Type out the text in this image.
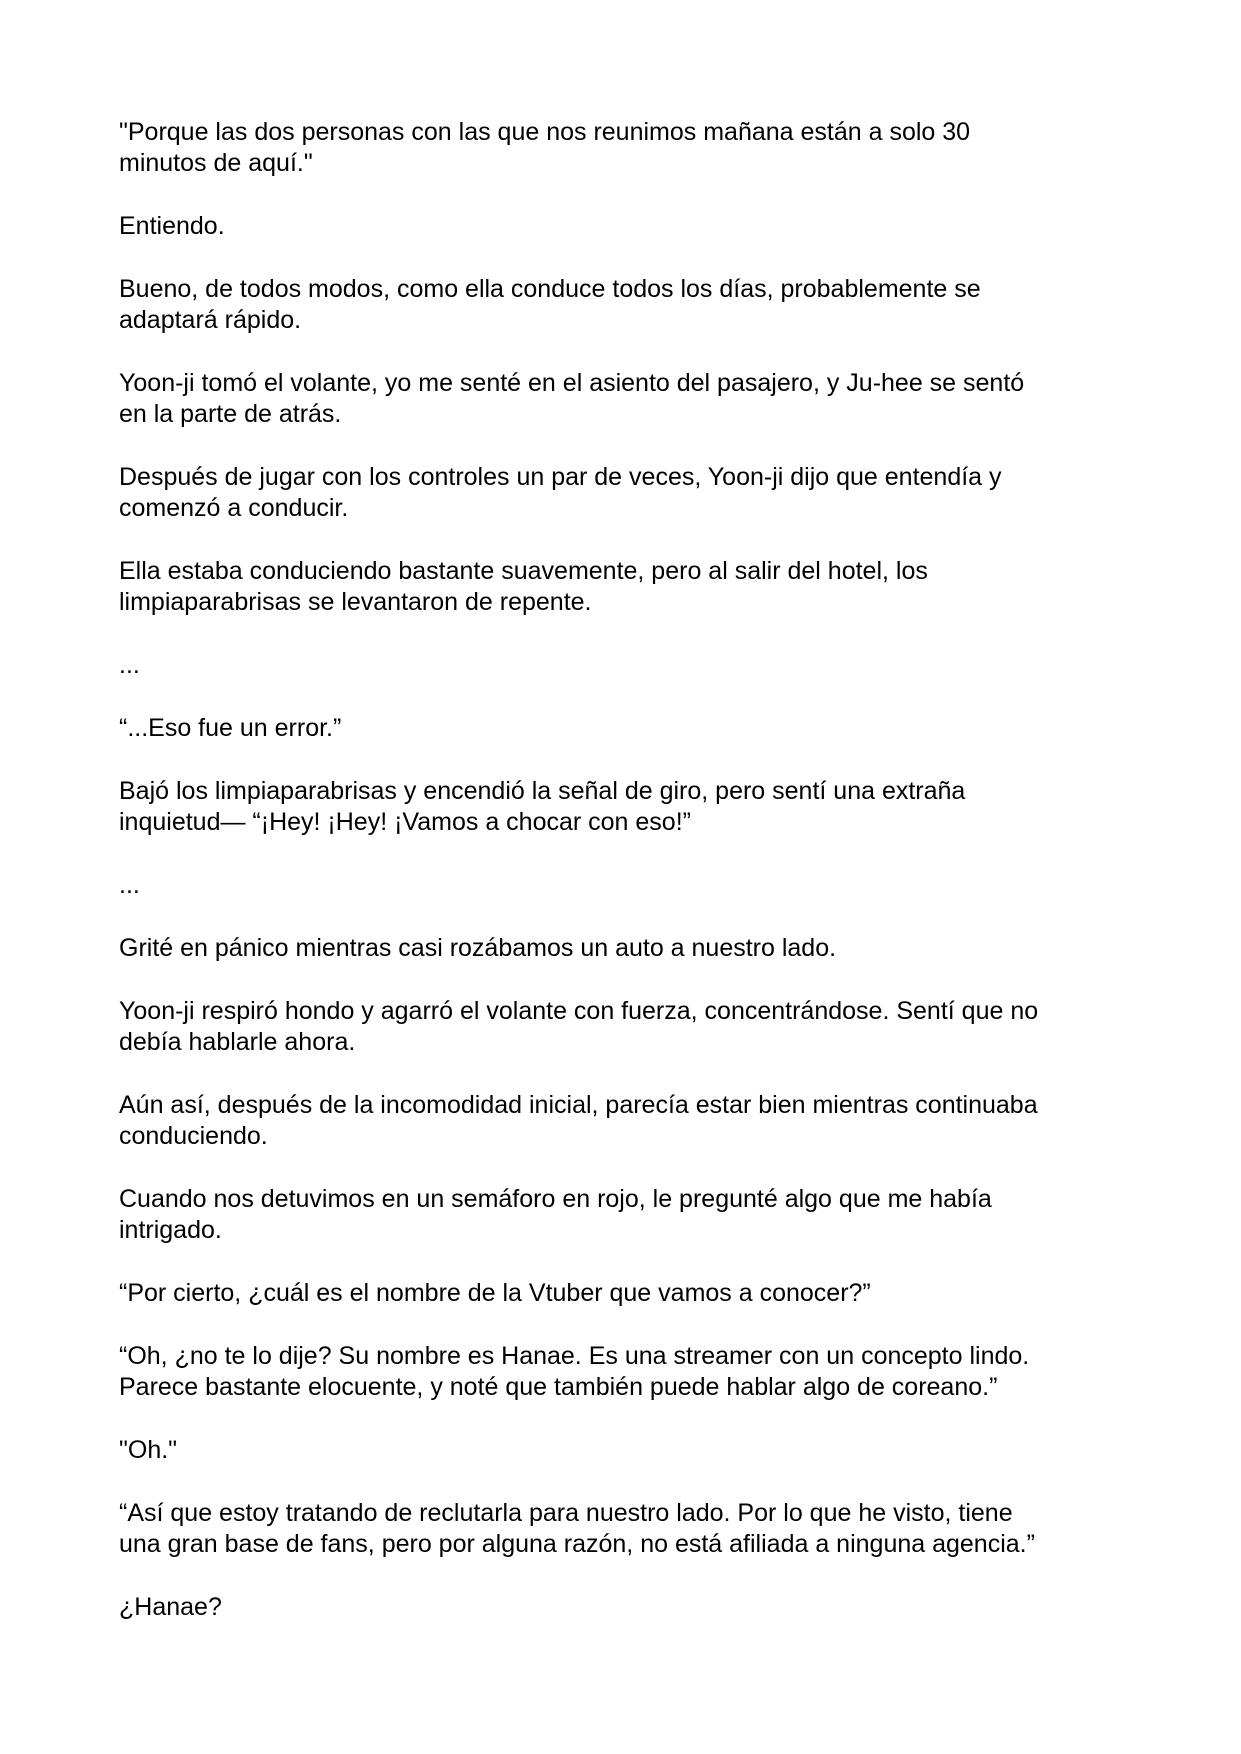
"Porque las dos personas con las que nos reunimos mañana están a solo 30
minutos de aquí."

Entiendo.

Bueno, de todos modos, como ella conduce todos los días, probablemente se
adaptará rápido.

Yoon-ji tomó el volante, yo me senté en el asiento del pasajero, y Ju-hee se sentó
en la parte de atrás.

Después de jugar con los controles un par de veces, Yoon-ji dijo que entendía y
comenzó a conducir.

Ella estaba conduciendo bastante suavemente, pero al salir del hotel, los
limpiaparabrisas se levantaron de repente.

...

“...Eso fue un error.”

Bajó los limpiaparabrisas y encendió la señal de giro, pero sentí una extraña
inquietud— “¡Hey! ¡Hey! ¡Vamos a chocar con eso!”

...

Grité en pánico mientras casi rozábamos un auto a nuestro lado.

Yoon-ji respiró hondo y agarró el volante con fuerza, concentrándose. Sentí que no
debía hablarle ahora.

Aún así, después de la incomodidad inicial, parecía estar bien mientras continuaba
conduciendo.

Cuando nos detuvimos en un semáforo en rojo, le pregunté algo que me había
intrigado.

“Por cierto, ¿cuál es el nombre de la Vtuber que vamos a conocer?”

“Oh, ¿no te lo dije? Su nombre es Hanae. Es una streamer con un concepto lindo.
Parece bastante elocuente, y noté que también puede hablar algo de coreano.”

"Oh."

“Así que estoy tratando de reclutarla para nuestro lado. Por lo que he visto, tiene
una gran base de fans, pero por alguna razón, no está afiliada a ninguna agencia.”

¿Hanae?
